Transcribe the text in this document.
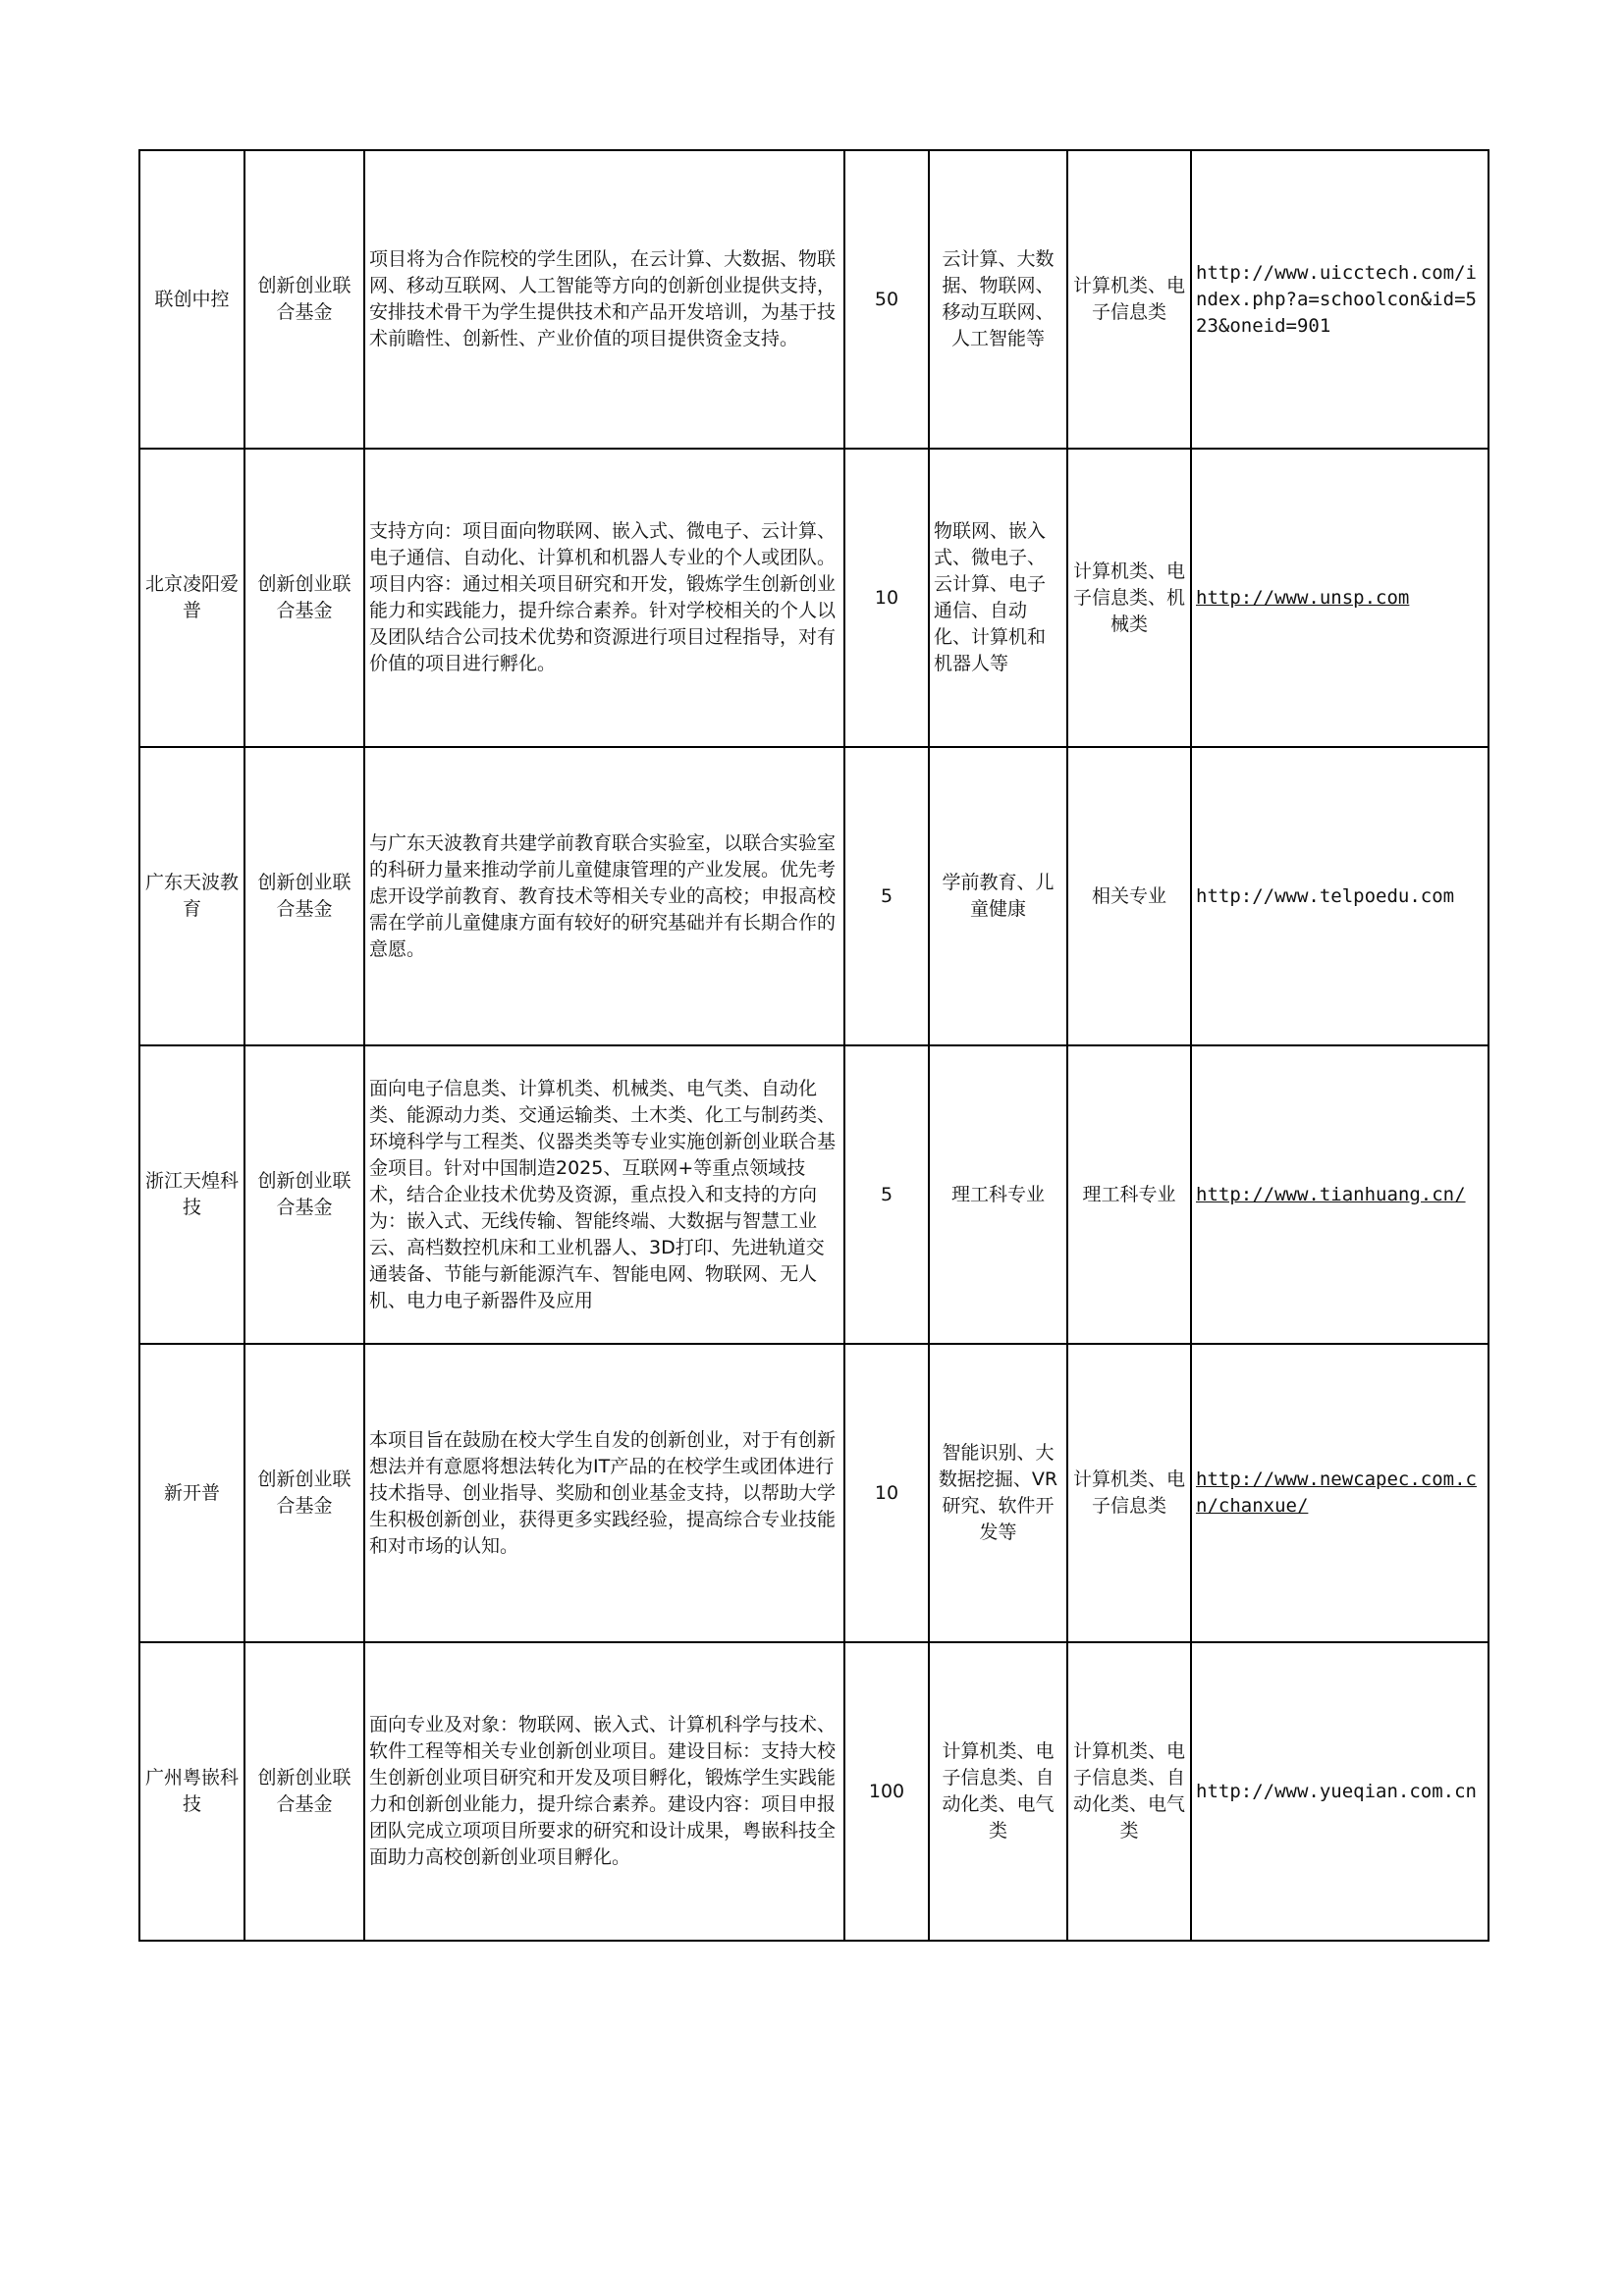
联创中控	创新创业联合基金	项目将为合作院校的学生团队，在云计算、大数据、物联网、移动互联网、人工智能等方向的创新创业提供支持，安排技术骨干为学生提供技术和产品开发培训，为基于技术前瞻性、创新性、产业价值的项目提供资金支持。	50	云计算、大数据、物联网、移动互联网、人工智能等	计算机类、电子信息类	http://www.uicctech.com/index.php?a=schoolcon&id=523&oneid=901
北京凌阳爱普	创新创业联合基金	支持方向：项目面向物联网、嵌入式、微电子、云计算、电子通信、自动化、计算机和机器人专业的个人或团队。项目内容：通过相关项目研究和开发，锻炼学生创新创业能力和实践能力，提升综合素养。针对学校相关的个人以及团队结合公司技术优势和资源进行项目过程指导，对有价值的项目进行孵化。	10	物联网、嵌入式、微电子、云计算、电子通信、自动化、计算机和机器人等	计算机类、电子信息类、机械类	http://www.unsp.com
广东天波教育	创新创业联合基金	与广东天波教育共建学前教育联合实验室，以联合实验室的科研力量来推动学前儿童健康管理的产业发展。优先考虑开设学前教育、教育技术等相关专业的高校；申报高校需在学前儿童健康方面有较好的研究基础并有长期合作的意愿。	5	学前教育、儿童健康	相关专业	http://www.telpoedu.com
浙江天煌科技	创新创业联合基金	面向电子信息类、计算机类、机械类、电气类、自动化类、能源动力类、交通运输类、土木类、化工与制药类、环境科学与工程类、仪器类类等专业实施创新创业联合基金项目。针对中国制造2025、互联网+等重点领域技术，结合企业技术优势及资源，重点投入和支持的方向为：嵌入式、无线传输、智能终端、大数据与智慧工业云、高档数控机床和工业机器人、3D打印、先进轨道交通装备、节能与新能源汽车、智能电网、物联网、无人机、电力电子新器件及应用	5	理工科专业	理工科专业	http://www.tianhuang.cn/
新开普	创新创业联合基金	本项目旨在鼓励在校大学生自发的创新创业，对于有创新想法并有意愿将想法转化为IT产品的在校学生或团体进行技术指导、创业指导、奖励和创业基金支持，以帮助大学生积极创新创业，获得更多实践经验，提高综合专业技能和对市场的认知。	10	智能识别、大数据挖掘、VR研究、软件开发等	计算机类、电子信息类	http://www.newcapec.com.cn/chanxue/
广州粤嵌科技	创新创业联合基金	面向专业及对象：物联网、嵌入式、计算机科学与技术、软件工程等相关专业创新创业项目。建设目标：支持大校生创新创业项目研究和开发及项目孵化，锻炼学生实践能力和创新创业能力，提升综合素养。建设内容：项目申报团队完成立项项目所要求的研究和设计成果，粤嵌科技全面助力高校创新创业项目孵化。	100	计算机类、电子信息类、自动化类、电气类	计算机类、电子信息类、自动化类、电气类	http://www.yueqian.com.cn
